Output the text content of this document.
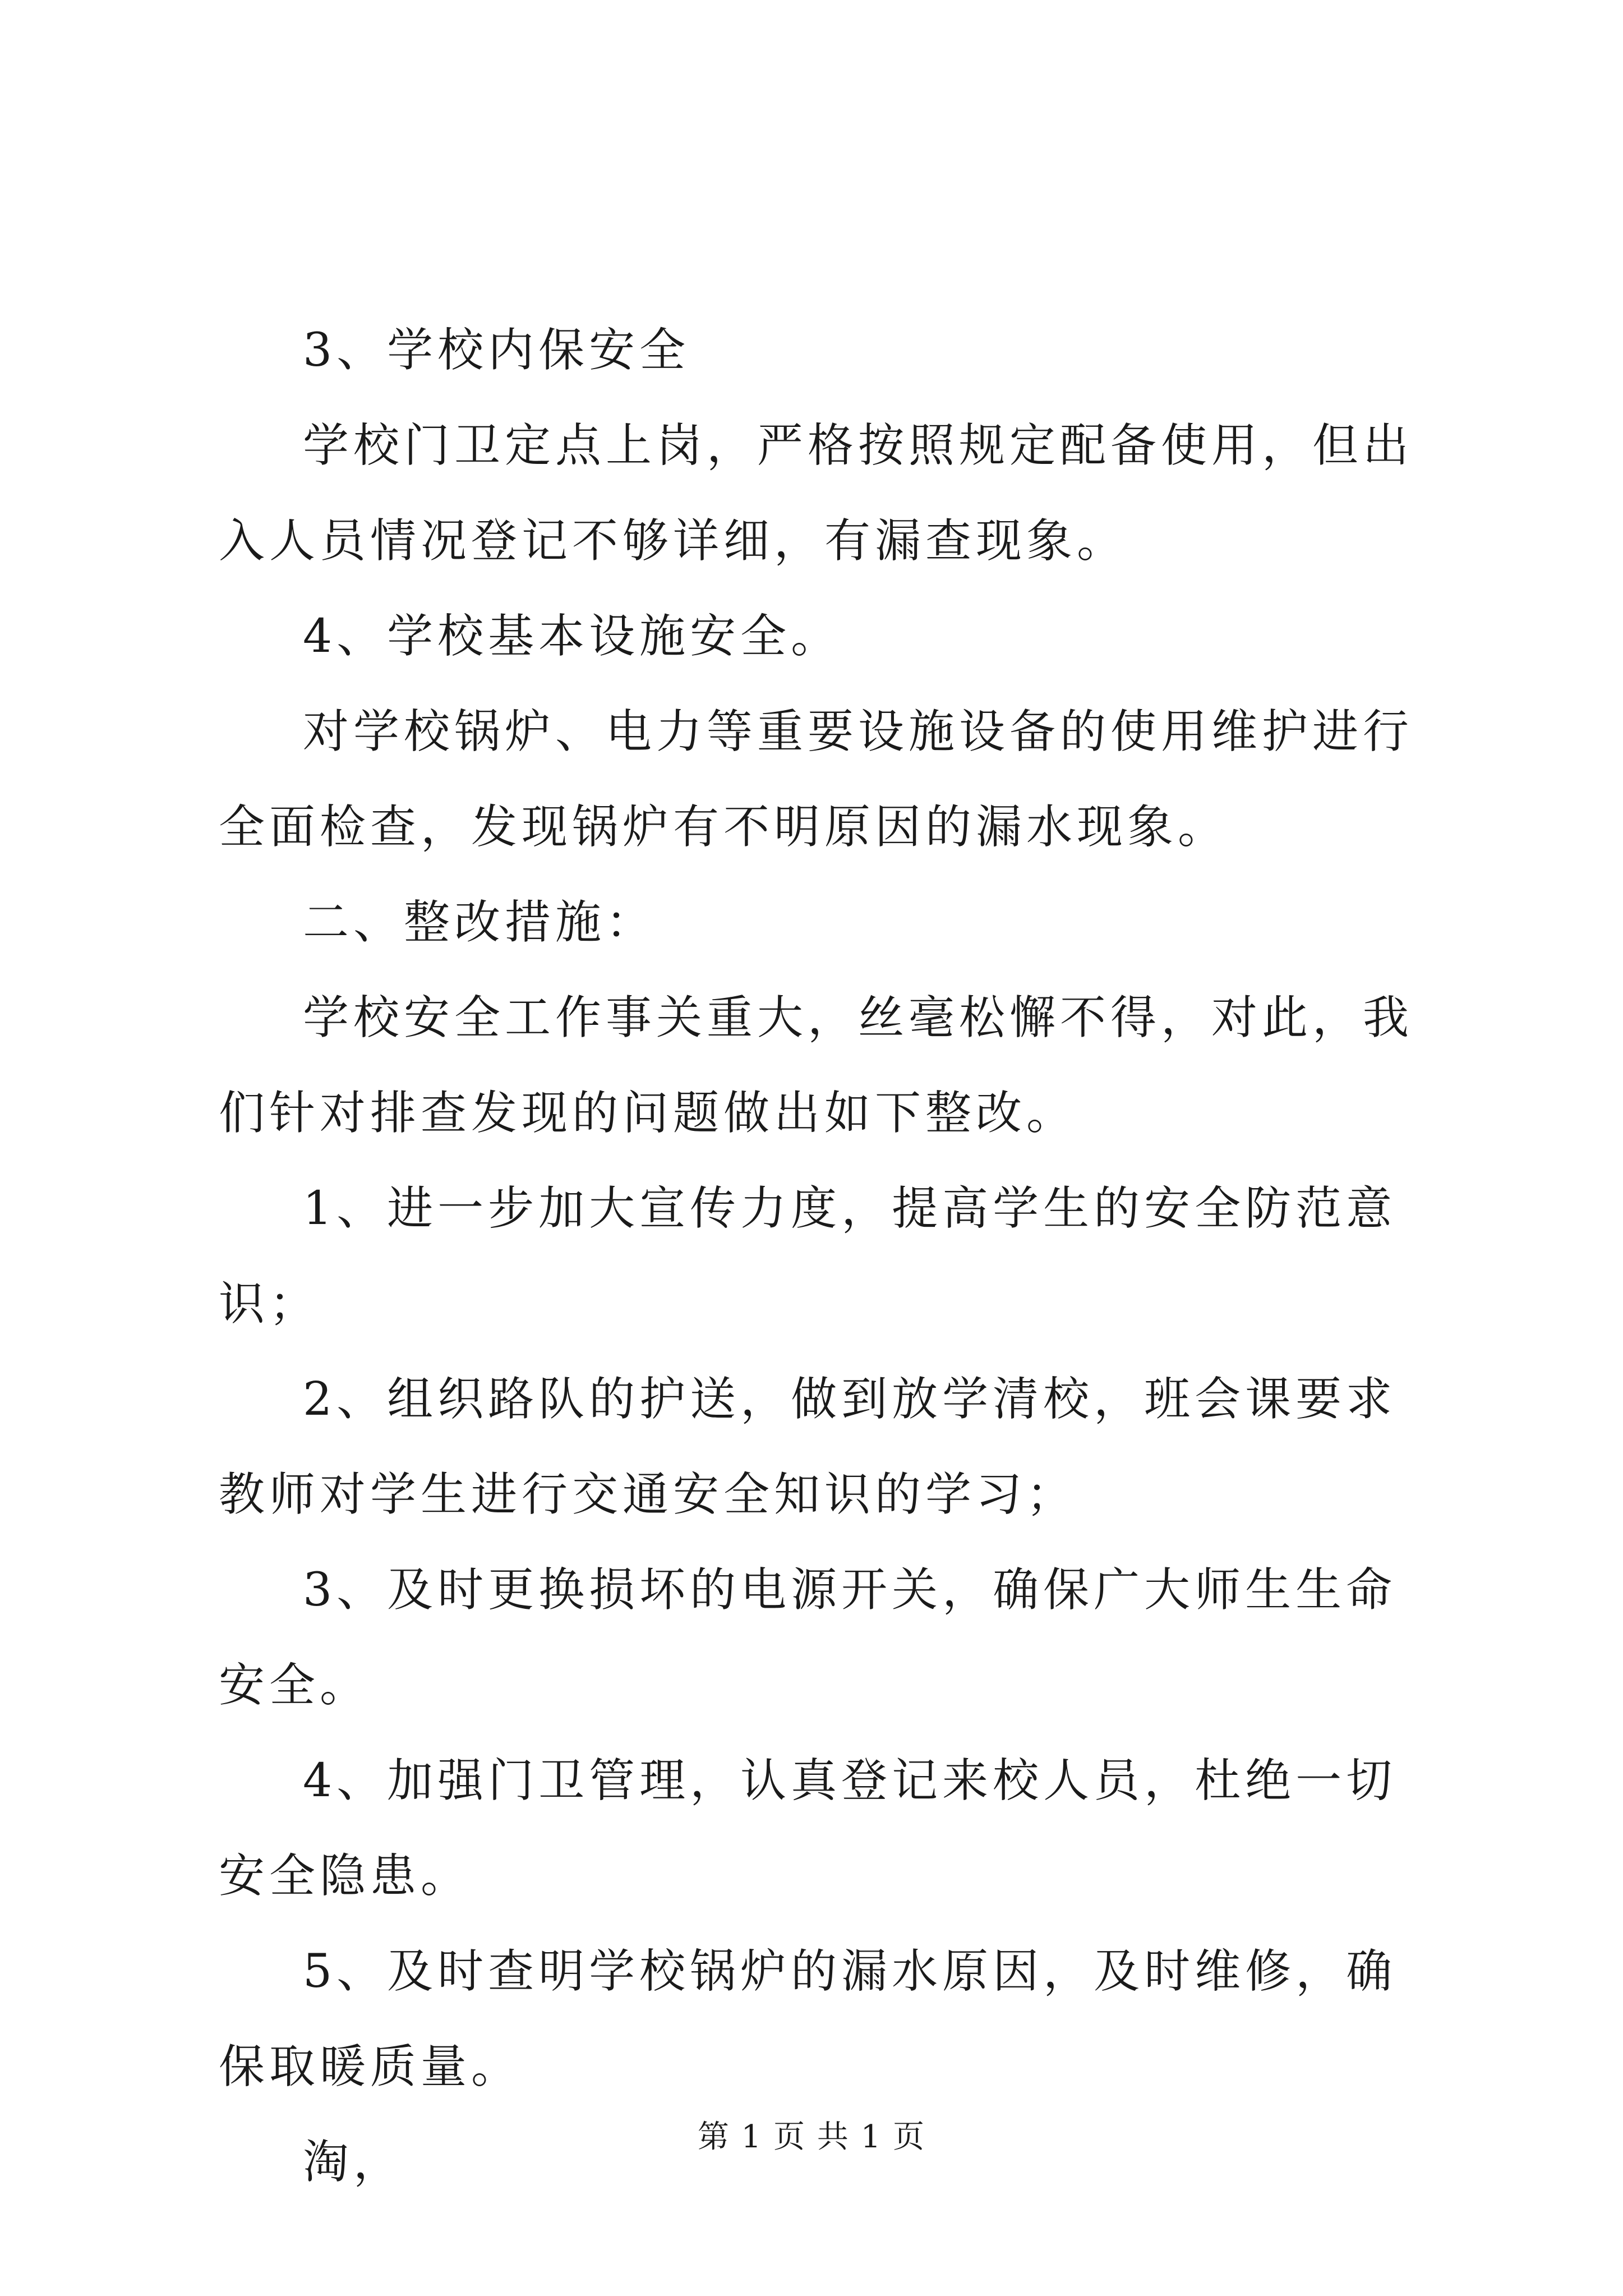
3、学校内保安全

学校门卫定点上岗，严格按照规定配备使用，但出入人员情况登记不够详细，有漏查现象。

4、学校基本设施安全。

对学校锅炉、电力等重要设施设备的使用维护进行全面检查，发现锅炉有不明原因的漏水现象。

二、整改措施：

学校安全工作事关重大，丝毫松懈不得，对此，我们针对排查发现的问题做出如下整改。

1、进一步加大宣传力度，提高学生的安全防范意识；

2、组织路队的护送，做到放学清校，班会课要求教师对学生进行交通安全知识的学习；

3、及时更换损坏的电源开关，确保广大师生生命安全。

4、加强门卫管理，认真登记来校人员，杜绝一切安全隐患。

5、及时查明学校锅炉的漏水原因，及时维修，确保取暖质量。

淘，	第 1 页 共 1 页
